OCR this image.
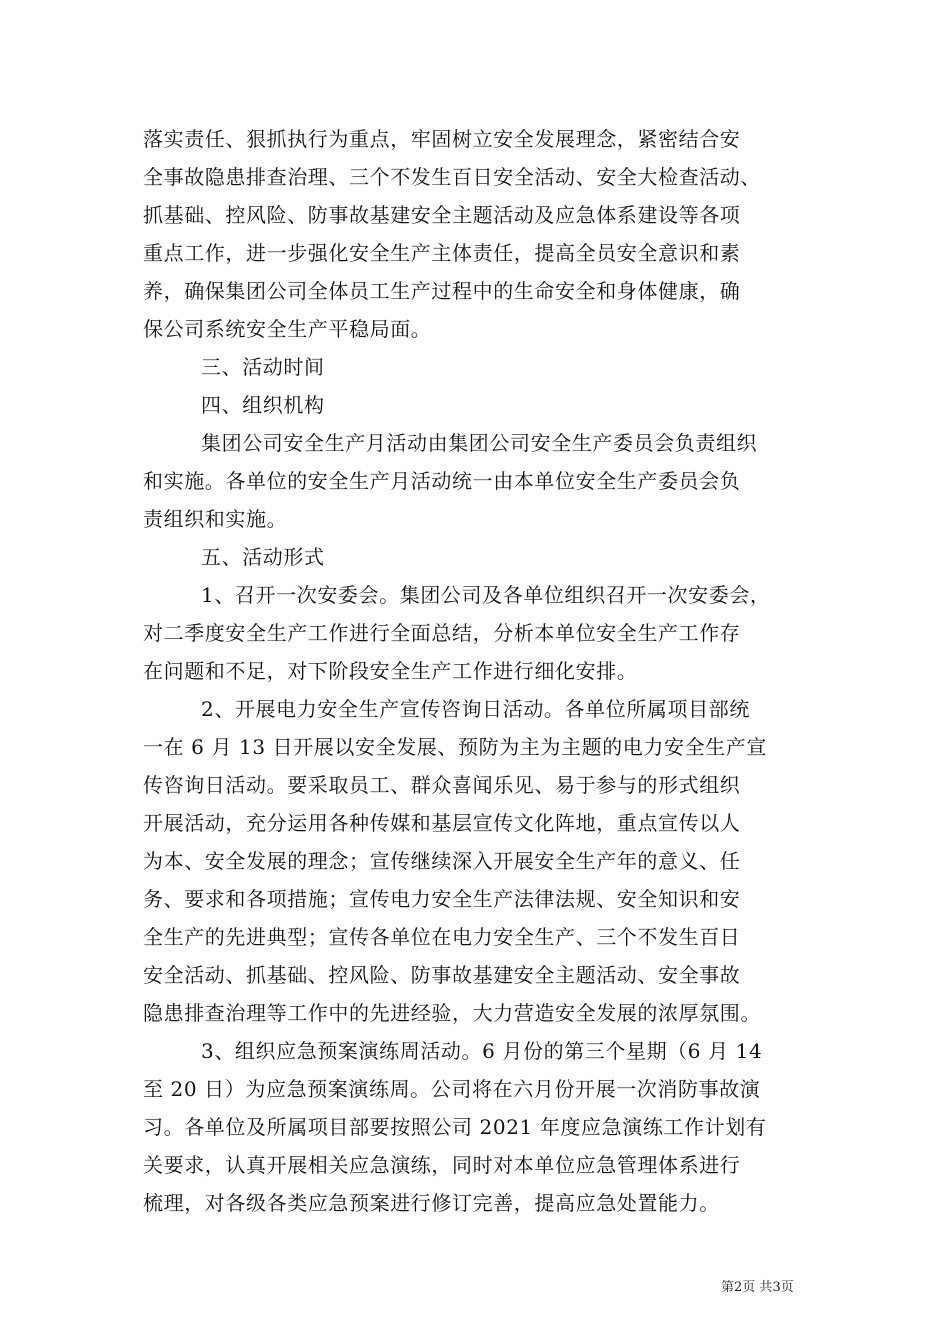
落实责任、狠抓执行为重点，牢固树立安全发展理念，紧密结合安
全事故隐患排查治理、三个不发生百日安全活动、安全大检查活动、
抓基础、控风险、防事故基建安全主题活动及应急体系建设等各项
重点工作，进一步强化安全生产主体责任，提高全员安全意识和素
养，确保集团公司全体员工生产过程中的生命安全和身体健康，确
保公司系统安全生产平稳局面。
三、活动时间
四、组织机构
集团公司安全生产月活动由集团公司安全生产委员会负责组织
和实施。各单位的安全生产月活动统一由本单位安全生产委员会负
责组织和实施。
五、活动形式
1、召开一次安委会。集团公司及各单位组织召开一次安委会，
对二季度安全生产工作进行全面总结，分析本单位安全生产工作存
在问题和不足，对下阶段安全生产工作进行细化安排。
2、开展电力安全生产宣传咨询日活动。各单位所属项目部统
一在 6 月 13 日开展以安全发展、预防为主为主题的电力安全生产宣
传咨询日活动。要采取员工、群众喜闻乐见、易于参与的形式组织
开展活动，充分运用各种传媒和基层宣传文化阵地，重点宣传以人
为本、安全发展的理念；宣传继续深入开展安全生产年的意义、任
务、要求和各项措施；宣传电力安全生产法律法规、安全知识和安
全生产的先进典型；宣传各单位在电力安全生产、三个不发生百日
安全活动、抓基础、控风险、防事故基建安全主题活动、安全事故
隐患排查治理等工作中的先进经验，大力营造安全发展的浓厚氛围。
3、组织应急预案演练周活动。6 月份的第三个星期（6 月 14
至 20 日）为应急预案演练周。公司将在六月份开展一次消防事故演
习。各单位及所属项目部要按照公司 2021 年度应急演练工作计划有
关要求，认真开展相关应急演练，同时对本单位应急管理体系进行
梳理，对各级各类应急预案进行修订完善，提高应急处置能力。
第2页 共3页
